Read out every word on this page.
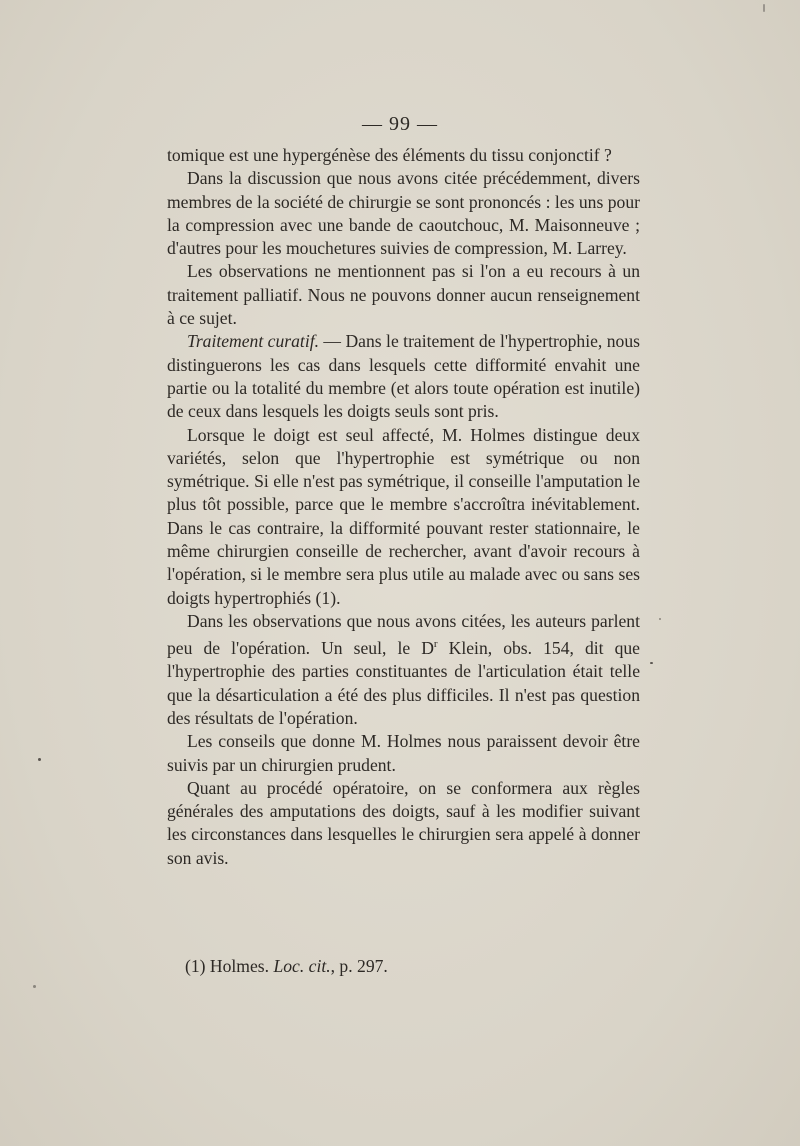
— 99 —

tomique est une hypergénèse des éléments du tissu conjonctif ?

Dans la discussion que nous avons citée précédemment, divers membres de la société de chirurgie se sont prononcés : les uns pour la compression avec une bande de caoutchouc, M. Maisonneuve ; d'autres pour les mouchetures suivies de compression, M. Larrey.

Les observations ne mentionnent pas si l'on a eu recours à un traitement palliatif. Nous ne pouvons donner aucun renseignement à ce sujet.

Traitement curatif. — Dans le traitement de l'hypertrophie, nous distinguerons les cas dans lesquels cette difformité envahit une partie ou la totalité du membre (et alors toute opération est inutile) de ceux dans lesquels les doigts seuls sont pris.

Lorsque le doigt est seul affecté, M. Holmes distingue deux variétés, selon que l'hypertrophie est symétrique ou non symétrique. Si elle n'est pas symétrique, il conseille l'amputation le plus tôt possible, parce que le membre s'accroîtra inévitablement. Dans le cas contraire, la difformité pouvant rester stationnaire, le même chirurgien conseille de rechercher, avant d'avoir recours à l'opération, si le membre sera plus utile au malade avec ou sans ses doigts hypertrophiés (1).

Dans les observations que nous avons citées, les auteurs parlent peu de l'opération. Un seul, le $D^r$ Klein, obs. 154, dit que l'hypertrophie des parties constituantes de l'articulation était telle que la désarticulation a été des plus difficiles. Il n'est pas question des résultats de l'opération.

Les conseils que donne M. Holmes nous paraissent devoir être suivis par un chirurgien prudent.

Quant au procédé opératoire, on se conformera aux règles générales des amputations des doigts, sauf à les modifier suivant les circonstances dans lesquelles le chirurgien sera appelé à donner son avis.

(1) Holmes. Loc. cit., p. 297.
